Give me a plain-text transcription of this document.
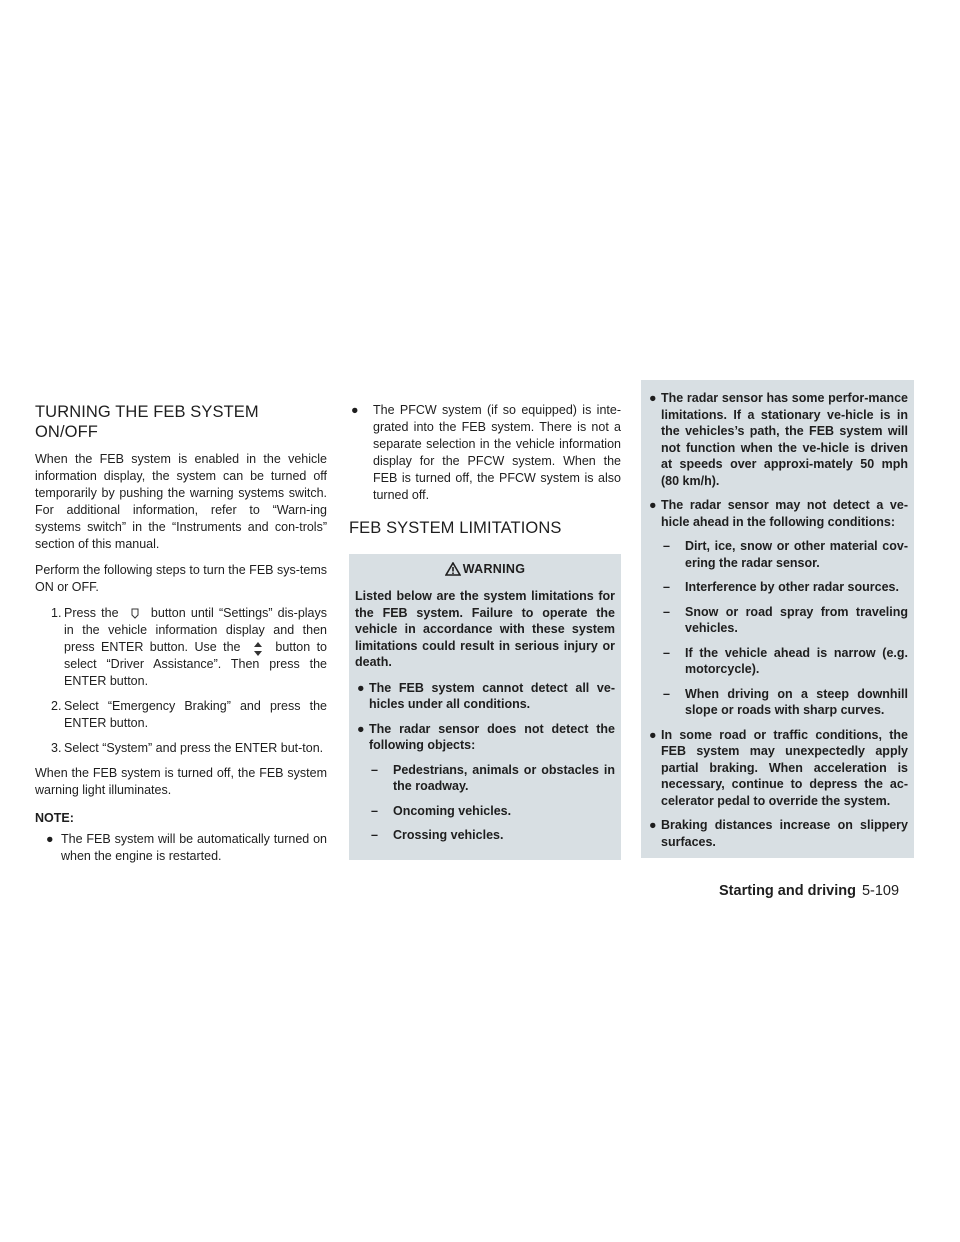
TURNING THE FEB SYSTEM
ON/OFF

When the FEB system is enabled in the vehicle information display, the system can be turned off temporarily by pushing the warning systems switch. For additional information, refer to “Warn-ing systems switch” in the “Instruments and con-trols” section of this manual.

Perform the following steps to turn the FEB sys-tems ON or OFF.

1. Press the  button until “Settings” dis-plays in the vehicle information display and then press ENTER button. Use the  button to select “Driver Assistance”. Then press the ENTER button.
2. Select “Emergency Braking” and press the ENTER button.
3. Select “System” and press the ENTER but-ton.

When the FEB system is turned off, the FEB system warning light illuminates.

NOTE:
● The FEB system will be automatically turned on when the engine is restarted.
● The PFCW system (if so equipped) is inte-grated into the FEB system. There is not a separate selection in the vehicle information display for the PFCW system. When the FEB is turned off, the PFCW system is also turned off.
FEB SYSTEM LIMITATIONS
WARNING

Listed below are the system limitations for the FEB system. Failure to operate the vehicle in accordance with these system limitations could result in serious injury or death.

● The FEB system cannot detect all ve-hicles under all conditions.
● The radar sensor does not detect the following objects:
– Pedestrians, animals or obstacles in the roadway.
– Oncoming vehicles.
– Crossing vehicles.
● The radar sensor has some perfor-mance limitations. If a stationary ve-hicle is in the vehicles’s path, the FEB system will not function when the ve-hicle is driven at speeds over approxi-mately 50 mph (80 km/h).
● The radar sensor may not detect a ve-hicle ahead in the following conditions:
– Dirt, ice, snow or other material cov-ering the radar sensor.
– Interference by other radar sources.
– Snow or road spray from traveling vehicles.
– If the vehicle ahead is narrow (e.g. motorcycle).
– When driving on a steep downhill slope or roads with sharp curves.
● In some road or traffic conditions, the FEB system may unexpectedly apply partial braking. When acceleration is necessary, continue to depress the ac-celerator pedal to override the system.
● Braking distances increase on slippery surfaces.
Starting and driving 5-109
